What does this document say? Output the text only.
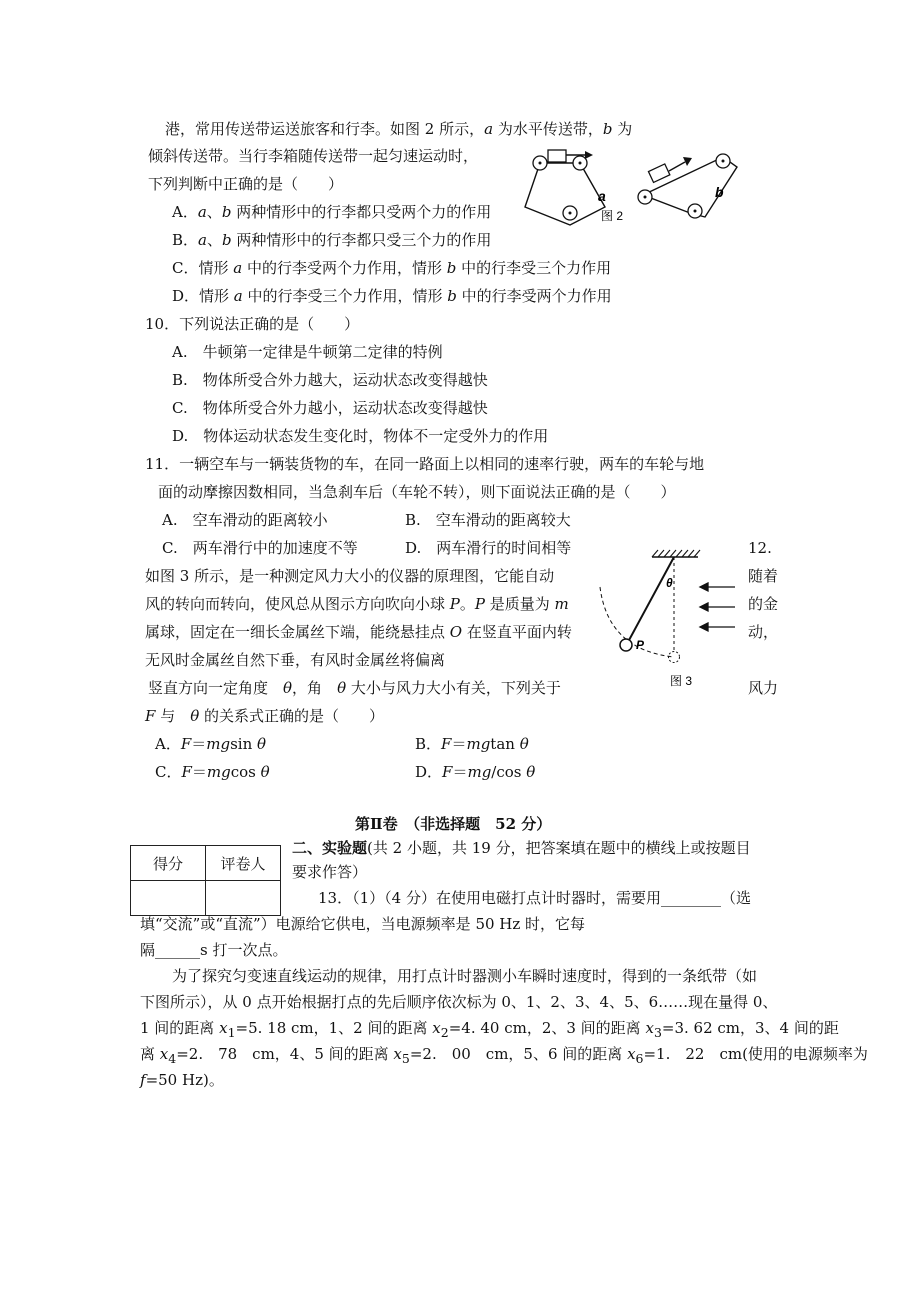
港，常用传送带运送旅客和行李。如图 2 所示，a 为水平传送带，b 为
倾斜传送带。当行李箱随传送带一起匀速运动时，
下列判断中正确的是（　　）
A．a、b 两种情形中的行李都只受两个力的作用
B．a、b 两种情形中的行李都只受三个力的作用
C．情形 a 中的行李受两个力作用，情形 b 中的行李受三个力作用
D．情形 a 中的行李受三个力作用，情形 b 中的行李受两个力作用
a
图 2
b
10．下列说法正确的是（　　）
A.　牛顿第一定律是牛顿第二定律的特例
B.　物体所受合外力越大，运动状态改变得越快
C.　物体所受合外力越小，运动状态改变得越快
D.　物体运动状态发生变化时，物体不一定受外力的作用
11．一辆空车与一辆装货物的车，在同一路面上以相同的速率行驶，两车的车轮与地
面的动摩擦因数相同，当急刹车后（车轮不转），则下面说法正确的是（　　）
A.　空车滑动的距离较小	B.　空车滑动的距离较大
C.　两车滑行中的加速度不等	D.　两车滑行的时间相等	12.
随着
的金
动，
风力
如图 3 所示，是一种测定风力大小的仪器的原理图，它能自动
风的转向而转向，使风总从图示方向吹向小球 P。P 是质量为 m
属球，固定在一细长金属丝下端，能绕悬挂点 O 在竖直平面内转
无风时金属丝自然下垂，有风时金属丝将偏离
竖直方向一定角度　θ，角　θ 大小与风力大小有关，下列关于
F 与　θ 的关系式正确的是（　　）
A．F＝mgsin θ	B．F＝mgtan θ
C．F＝mgcos θ	D．F＝mg/cos θ
θ
P
图 3
第Ⅱ卷　（非选择题　52 分）
得分	评卷人

二、实验题(共 2 小题，共 19 分，把答案填在题中的横线上或按题目
要求作答）
13．（1）（4 分）在使用电磁打点计时器时，需要用________（选
填“交流”或“直流”）电源给它供电，当电源频率是 50 Hz 时，它每
隔______s 打一次点。
为了探究匀变速直线运动的规律，用打点计时器测小车瞬时速度时，得到的一条纸带（如
下图所示），从 0 点开始根据打点的先后顺序依次标为 0、1、2、3、4、5、6……现在量得 0、
1 间的距离 $x_1=5$. 18 cm，1、2 间的距离 $x_2=4$. 40 cm，2、3 间的距离 $x_3=3$. 62 cm，3、4 间的距
离 $x_4=2$.　78　cm，4、5 间的距离 $x_5=2$.　00　cm，5、6 间的距离 $x_6=1$.　22　cm(使用的电源频率为
f=50 Hz)。
